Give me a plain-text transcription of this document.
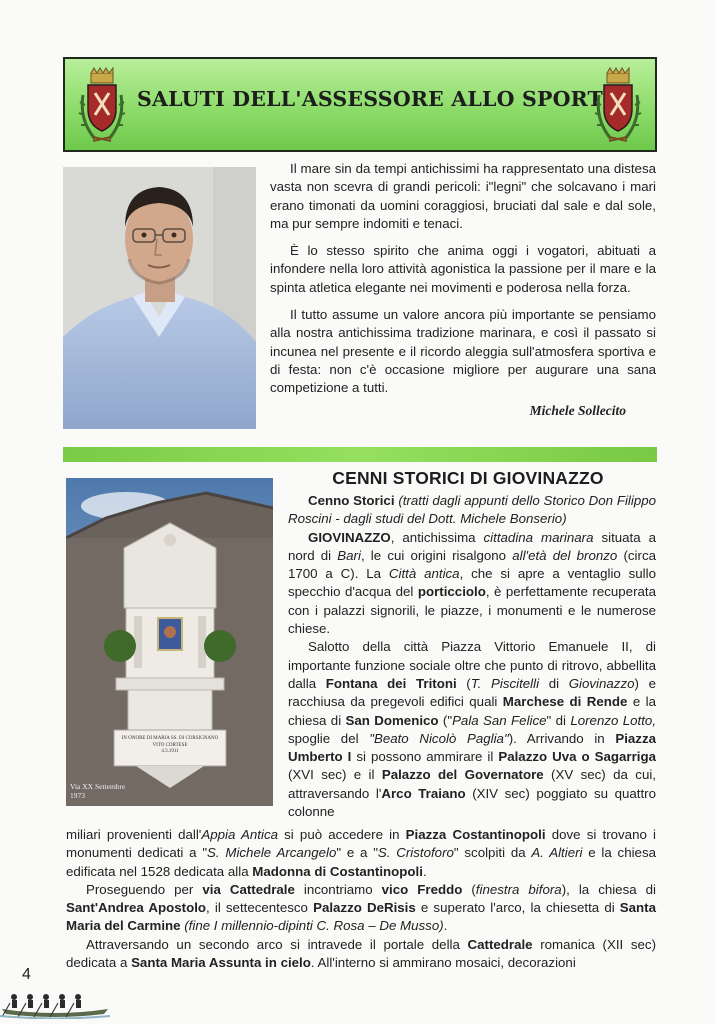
SALUTI DELL'ASSESSORE ALLO SPORT

Il mare sin da tempi antichissimi ha rappresentato una distesa vasta non scevra di grandi pericoli: i"legni" che solcavano i mari erano timonati da uomini coraggiosi, bruciati dal sale e dal sole, ma pur sempre indomiti e tenaci.

È lo stesso spirito che anima oggi i vogatori, abituati a infondere nella loro attività agonistica la passione per il mare e la spinta atletica elegante nei movimenti e poderosa nella forza.

Il tutto assume un valore ancora più importante se pensiamo alla nostra antichissima tradizione marinara, e così il passato si incunea nel presente e il ricordo aleggia sull'atmosfera sportiva e di festa: non c'è occasione migliore per augurare una sana competizione a tutti.

Michele Sollecito

IN ONORE DI MARIA SS. DI CORSIGNANO
VITO CORTESE
4.3.1911
Via XX Settembre
1973
CENNI STORICI DI GIOVINAZZO

Cenno Storici (tratti dagli appunti dello Storico Don Filippo Roscini - dagli studi del Dott. Michele Bonserio)

GIOVINAZZO, antichissima cittadina marinara situata a nord di Bari, le cui origini risalgono all'età del bronzo (circa 1700 a C). La Città antica, che si apre a ventaglio sullo specchio d'acqua del porticciolo, è perfettamente recuperata con i palazzi signorili, le piazze, i monumenti e le numerose chiese.

Salotto della città Piazza Vittorio Emanuele II, di importante funzione sociale oltre che punto di ritrovo, abbellita dalla Fontana dei Tritoni (T. Piscitelli di Giovinazzo) e racchiusa da pregevoli edifici quali Marchese di Rende e la chiesa di San Domenico ("Pala San Felice" di Lorenzo Lotto, spoglie del "Beato Nicolò Paglia"). Arrivando in Piazza Umberto I si possono ammirare il Palazzo Uva o Sagarriga (XVI sec) e il Palazzo del Governatore (XV sec) da cui, attraversando l'Arco Traiano (XIV sec) poggiato su quattro colonne

miliari provenienti dall'Appia Antica si può accedere in Piazza Costantinopoli dove si trovano i monumenti dedicati a "S. Michele Arcangelo" e a "S. Cristoforo" scolpiti da A. Altieri e la chiesa edificata nel 1528 dedicata alla Madonna di Costantinopoli.

Proseguendo per via Cattedrale incontriamo vico Freddo (finestra bifora), la chiesa di Sant'Andrea Apostolo, il settecentesco Palazzo DeRisis e superato l'arco, la chiesetta di Santa Maria del Carmine (fine I millennio-dipinti C. Rosa – De Musso).

Attraversando un secondo arco si intravede il portale della Cattedrale romanica (XII sec) dedicata a Santa Maria Assunta in cielo. All'interno si ammirano mosaici, decorazioni

4
